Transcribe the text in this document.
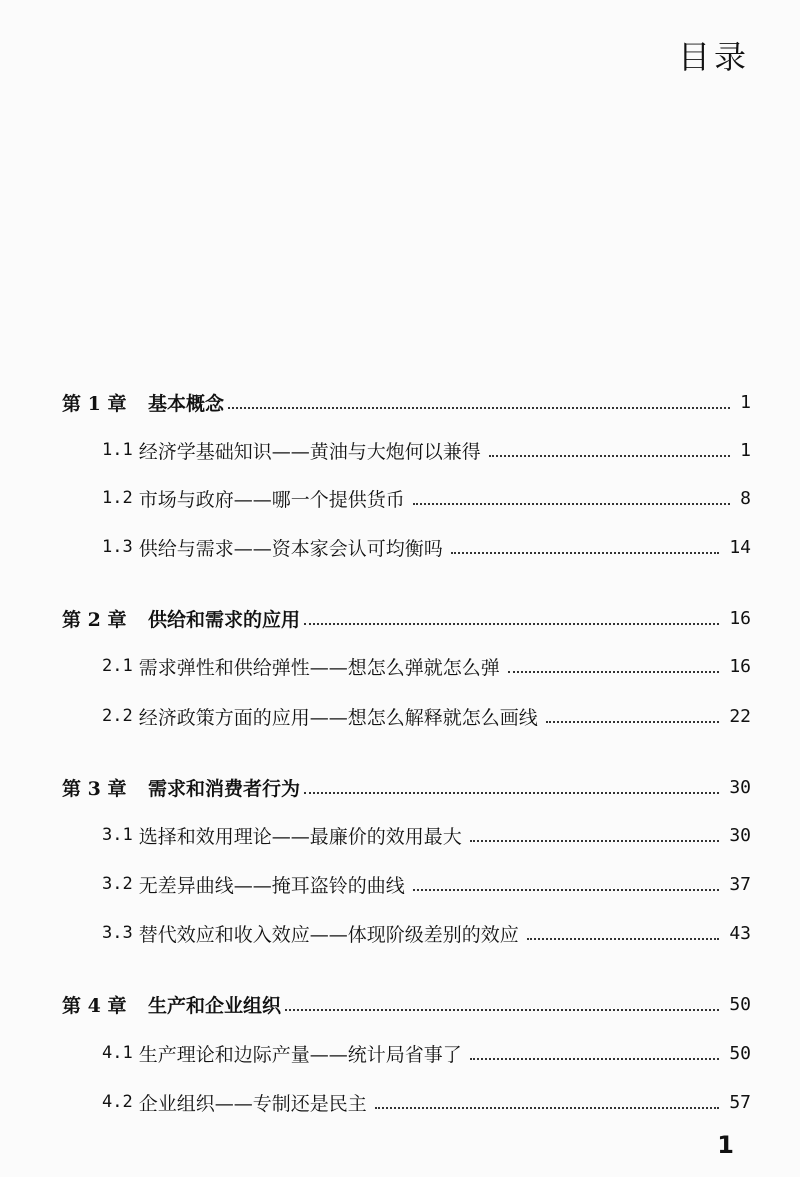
目录
第 1 章	基本概念	1
1.1 经济学基础知识——黄油与大炮何以兼得	1
1.2 市场与政府——哪一个提供货币	8
1.3 供给与需求——资本家会认可均衡吗	14
第 2 章	供给和需求的应用	16
2.1 需求弹性和供给弹性——想怎么弹就怎么弹	16
2.2 经济政策方面的应用——想怎么解释就怎么画线	22
第 3 章	需求和消费者行为	30
3.1 选择和效用理论——最廉价的效用最大	30
3.2 无差异曲线——掩耳盗铃的曲线	37
3.3 替代效应和收入效应——体现阶级差别的效应	43
第 4 章	生产和企业组织	50
4.1 生产理论和边际产量——统计局省事了	50
4.2 企业组织——专制还是民主	57
1
